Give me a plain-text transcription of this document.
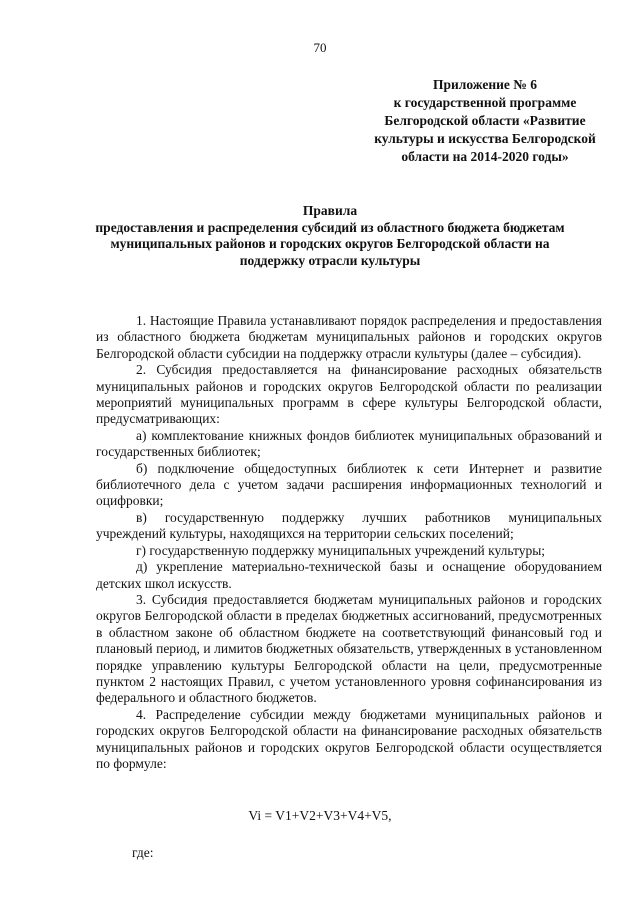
70
Приложение № 6
к государственной программе
Белгородской области «Развитие
культуры и искусства Белгородской
области на 2014-2020 годы»
Правила
предоставления и распределения субсидий из областного бюджета бюджетам
муниципальных районов и городских округов Белгородской области на
поддержку отрасли культуры

1. Настоящие Правила устанавливают порядок распределения и предоставления из областного бюджета бюджетам муниципальных районов и городских округов Белгородской области субсидии на поддержку отрасли культуры (далее – субсидия).

2. Субсидия предоставляется на финансирование расходных обязательств муниципальных районов и городских округов Белгородской области по реализации мероприятий муниципальных программ в сфере культуры Белгородской области, предусматривающих:

а) комплектование книжных фондов библиотек муниципальных образований и государственных библиотек;

б) подключение общедоступных библиотек к сети Интернет и развитие библиотечного дела с учетом задачи расширения информационных технологий и оцифровки;

в) государственную поддержку лучших работников муниципальных учреждений культуры, находящихся на территории сельских поселений;

г) государственную поддержку муниципальных учреждений культуры;

д) укрепление материально-технической базы и оснащение оборудованием детских школ искусств.

3. Субсидия предоставляется бюджетам муниципальных районов и городских округов Белгородской области в пределах бюджетных ассигнований, предусмотренных в областном законе об областном бюджете на соответствующий финансовый год и плановый период, и лимитов бюджетных обязательств, утвержденных в установленном порядке управлению культуры Белгородской области на цели, предусмотренные пунктом 2 настоящих Правил, с учетом установленного уровня софинансирования из федерального и областного бюджетов.

4. Распределение субсидии между бюджетами муниципальных районов и городских округов Белгородской области на финансирование расходных обязательств муниципальных районов и городских округов Белгородской области осуществляется по формуле:

Vi = V1+V2+V3+V4+V5,
где:
